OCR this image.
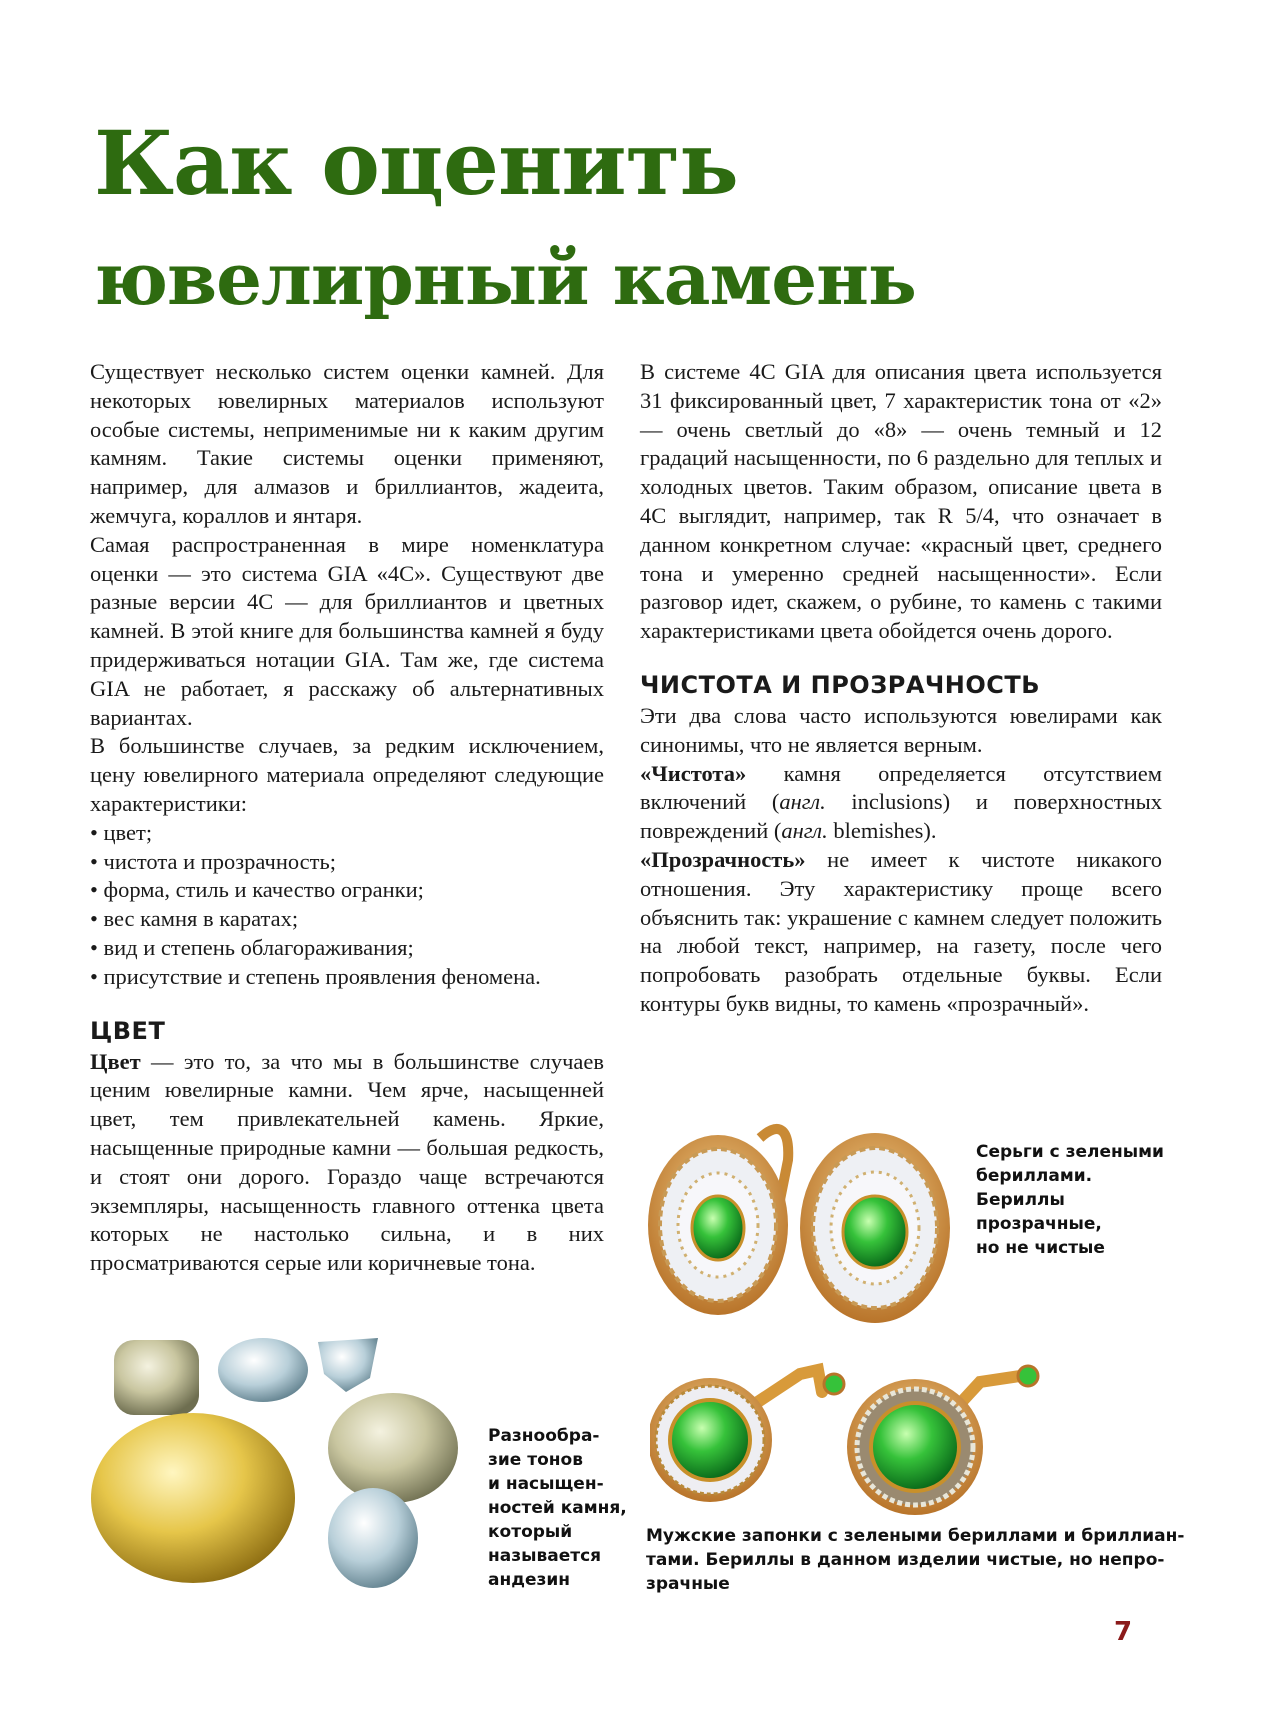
Как оценить
ювелирный камень

Существует несколько систем оценки камней. Для некоторых ювелирных материалов используют особые системы, неприменимые ни к каким другим камням. Такие системы оценки применяют, например, для алмазов и бриллиантов, жадеита, жемчуга, кораллов и янтаря.

Самая распространенная в мире номенклатура оценки — это система GIA «4С». Существуют две разные версии 4С — для бриллиантов и цветных камней. В этой книге для большинства камней я буду придерживаться нотации GIA. Там же, где система GIA не работает, я расскажу об альтернативных вариантах.

В большинстве случаев, за редким исключением, цену ювелирного материала определяют следующие характеристики:

• цвет;
• чистота и прозрачность;
• форма, стиль и качество огранки;
• вес камня в каратах;
• вид и степень облагораживания;
• присутствие и степень проявления феномена.
ЦВЕТ

Цвет — это то, за что мы в большинстве случаев ценим ювелирные камни. Чем ярче, насыщенней цвет, тем привлекательней камень. Яркие, насыщенные природные камни — большая редкость, и стоят они дорого. Гораздо чаще встречаются экземпляры, насыщенность главного оттенка цвета которых не настолько сильна, и в них просматриваются серые или коричневые тона.

В системе 4С GIA для описания цвета используется 31 фиксированный цвет, 7 характеристик тона от «2» — очень светлый до «8» — очень темный и 12 градаций насыщенности, по 6 раздельно для теплых и холодных цветов. Таким образом, описание цвета в 4С выглядит, например, так R 5/4, что означает в данном конкретном случае: «красный цвет, среднего тона и умеренно средней насыщенности». Если разговор идет, скажем, о рубине, то камень с такими характеристиками цвета обойдется очень дорого.

ЧИСТОТА И ПРОЗРАЧНОСТЬ

Эти два слова часто используются ювелирами как синонимы, что не является верным.

«Чистота» камня определяется отсутствием включений (англ. inclusions) и поверхностных повреждений (англ. blemishes).

«Прозрачность» не имеет к чистоте никакого отношения. Эту характеристику проще всего объяснить так: украшение с камнем следует положить на любой текст, например, на газету, после чего попробовать разобрать отдельные буквы. Если контуры букв видны, то камень «прозрачный».

Серьги с зелеными
бериллами.
Бериллы
прозрачные,
но не чистые
Разнообра-
зие тонов
и насыщен-
ностей камня,
который
называется
андезин
Мужские запонки с зелеными бериллами и бриллиан-
тами. Бериллы в данном изделии чистые, но непро-
зрачные
7
